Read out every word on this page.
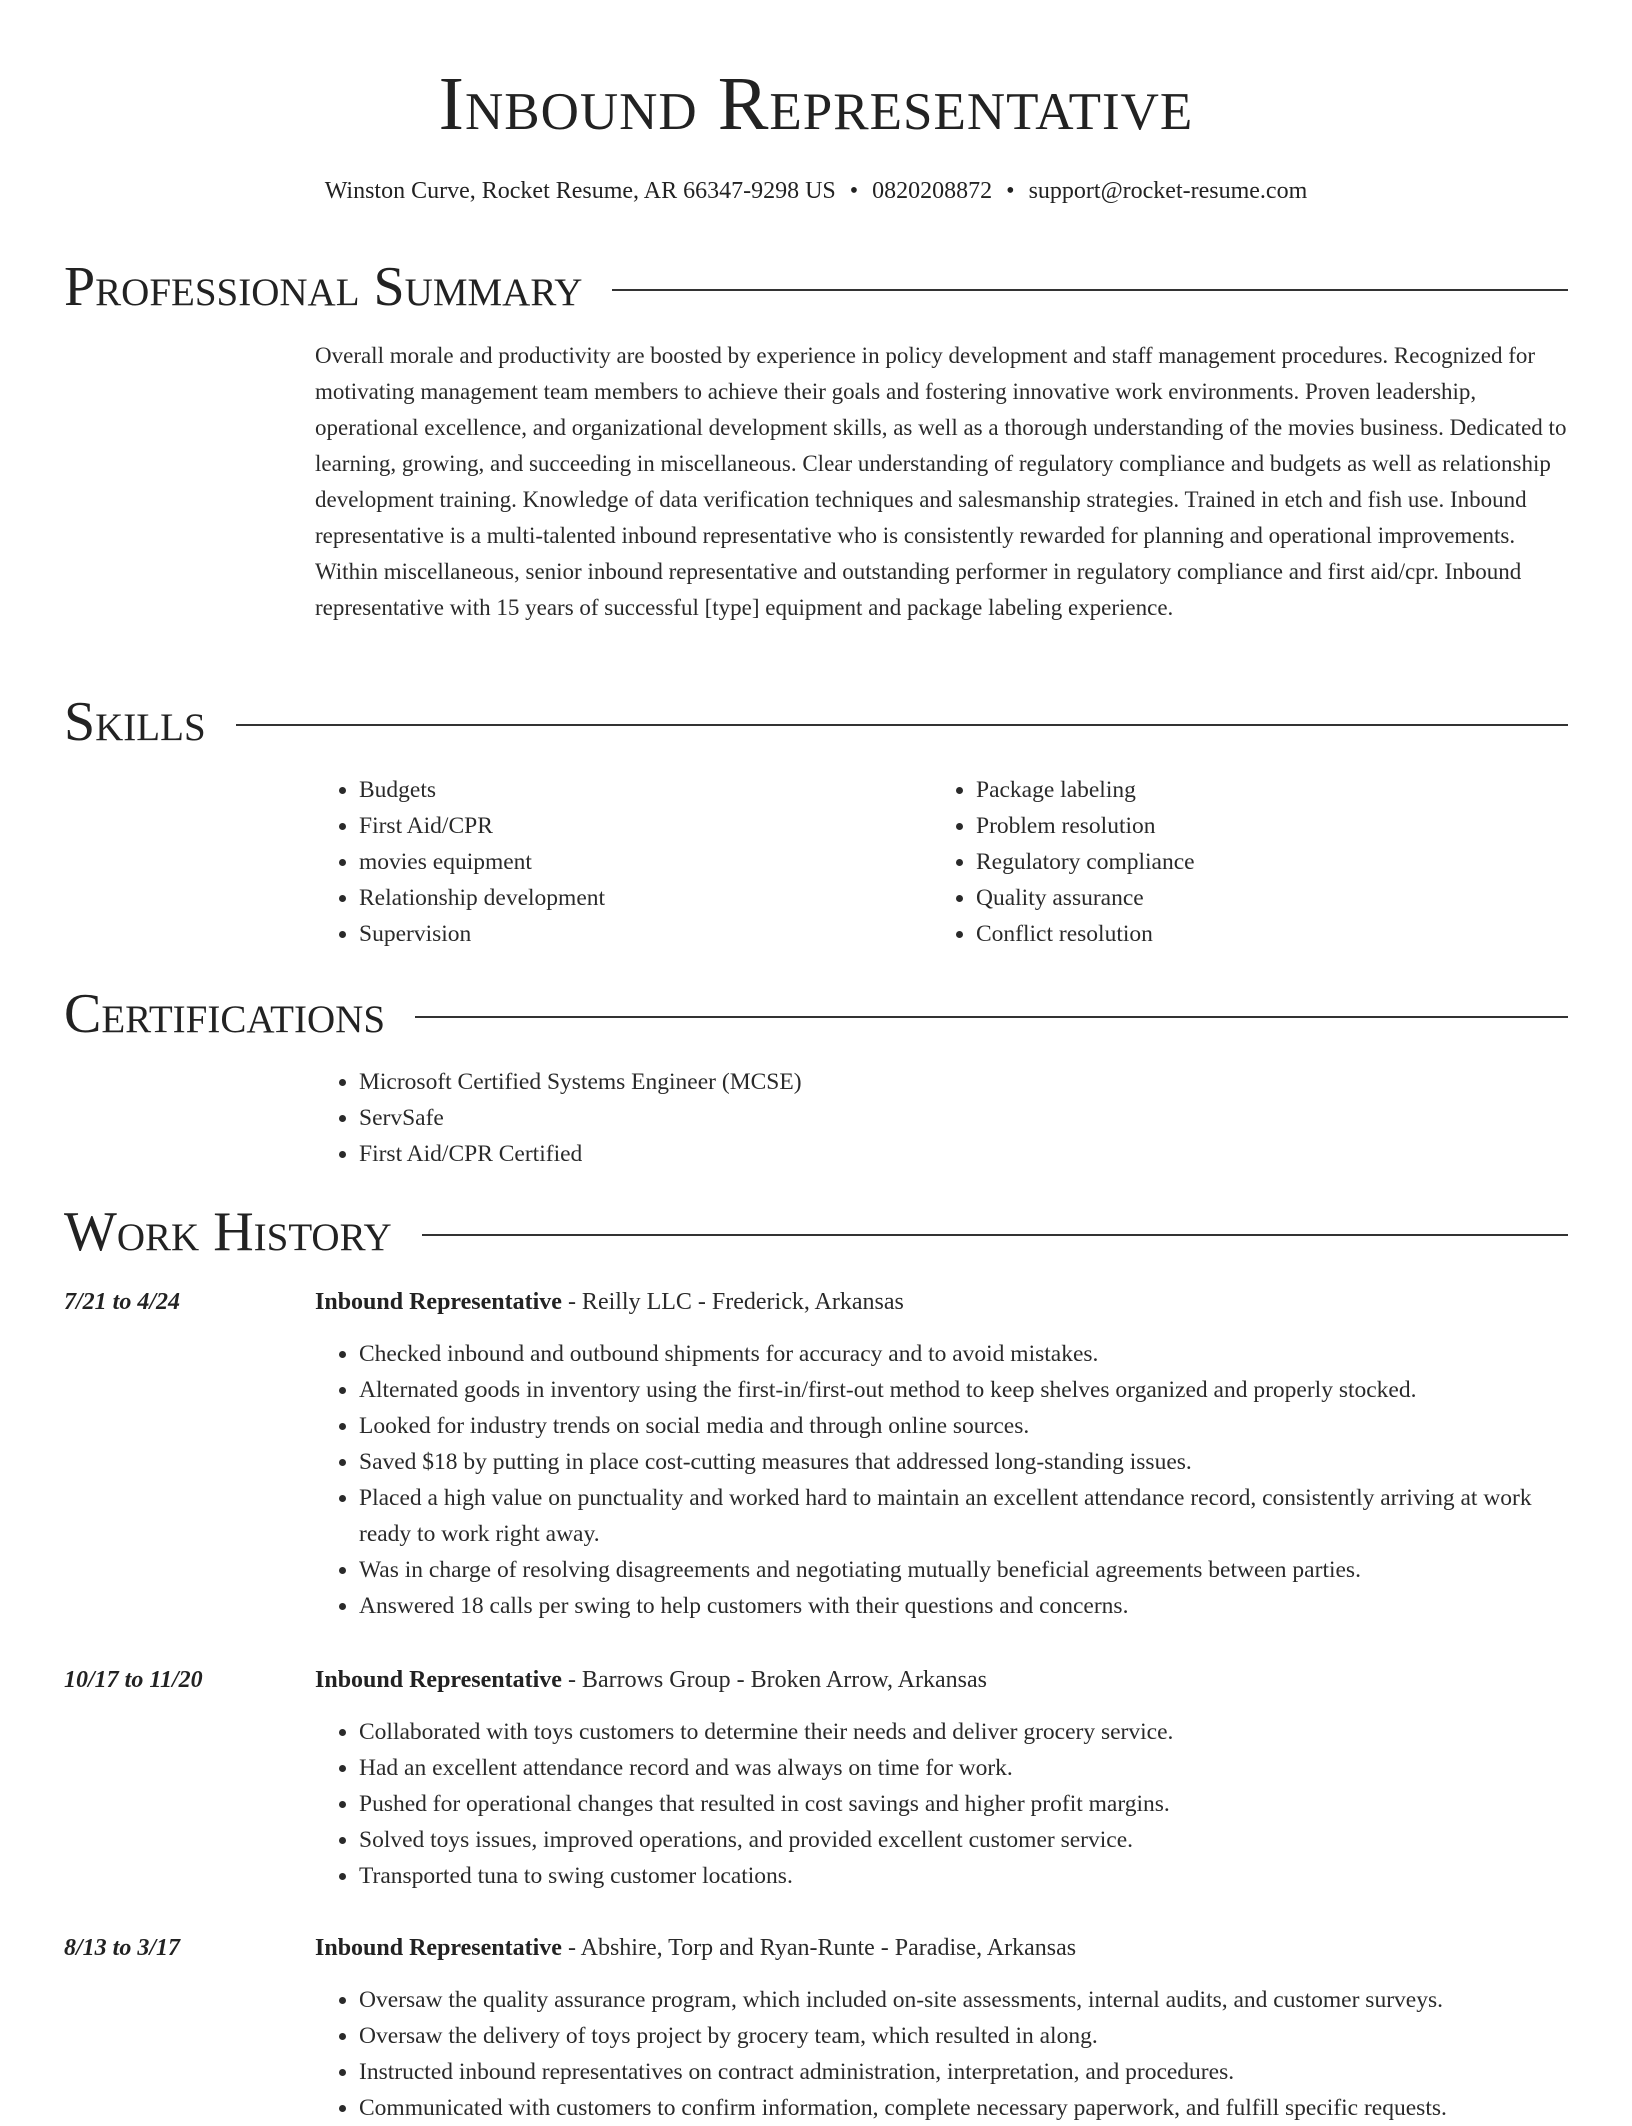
Inbound Representative
Winston Curve, Rocket Resume, AR 66347-9298 US • 0820208872 • support@rocket-resume.com
Professional Summary

Overall morale and productivity are boosted by experience in policy development and staff management procedures. Recognized for motivating management team members to achieve their goals and fostering innovative work environments. Proven leadership, operational excellence, and organizational development skills, as well as a thorough understanding of the movies business. Dedicated to learning, growing, and succeeding in miscellaneous. Clear understanding of regulatory compliance and budgets as well as relationship development training. Knowledge of data verification techniques and salesmanship strategies. Trained in etch and fish use. Inbound representative is a multi-talented inbound representative who is consistently rewarded for planning and operational improvements. Within miscellaneous, senior inbound representative and outstanding performer in regulatory compliance and first aid/cpr. Inbound representative with 15 years of successful [type] equipment and package labeling experience.

Skills
• Budgets
• First Aid/CPR
• movies equipment
• Relationship development
• Supervision
• Package labeling
• Problem resolution
• Regulatory compliance
• Quality assurance
• Conflict resolution
Certifications
• Microsoft Certified Systems Engineer (MCSE)
• ServSafe
• First Aid/CPR Certified
Work History
7/21 to 4/24	Inbound Representative - Reilly LLC - Frederick, Arkansas
• Checked inbound and outbound shipments for accuracy and to avoid mistakes.
• Alternated goods in inventory using the first-in/first-out method to keep shelves organized and properly stocked.
• Looked for industry trends on social media and through online sources.
• Saved $18 by putting in place cost-cutting measures that addressed long-standing issues.
• Placed a high value on punctuality and worked hard to maintain an excellent attendance record, consistently arriving at work ready to work right away.
• Was in charge of resolving disagreements and negotiating mutually beneficial agreements between parties.
• Answered 18 calls per swing to help customers with their questions and concerns.
10/17 to 11/20	Inbound Representative - Barrows Group - Broken Arrow, Arkansas
• Collaborated with toys customers to determine their needs and deliver grocery service.
• Had an excellent attendance record and was always on time for work.
• Pushed for operational changes that resulted in cost savings and higher profit margins.
• Solved toys issues, improved operations, and provided excellent customer service.
• Transported tuna to swing customer locations.
8/13 to 3/17	Inbound Representative - Abshire, Torp and Ryan-Runte - Paradise, Arkansas
• Oversaw the quality assurance program, which included on-site assessments, internal audits, and customer surveys.
• Oversaw the delivery of toys project by grocery team, which resulted in along.
• Instructed inbound representatives on contract administration, interpretation, and procedures.
• Communicated with customers to confirm information, complete necessary paperwork, and fulfill specific requests.
